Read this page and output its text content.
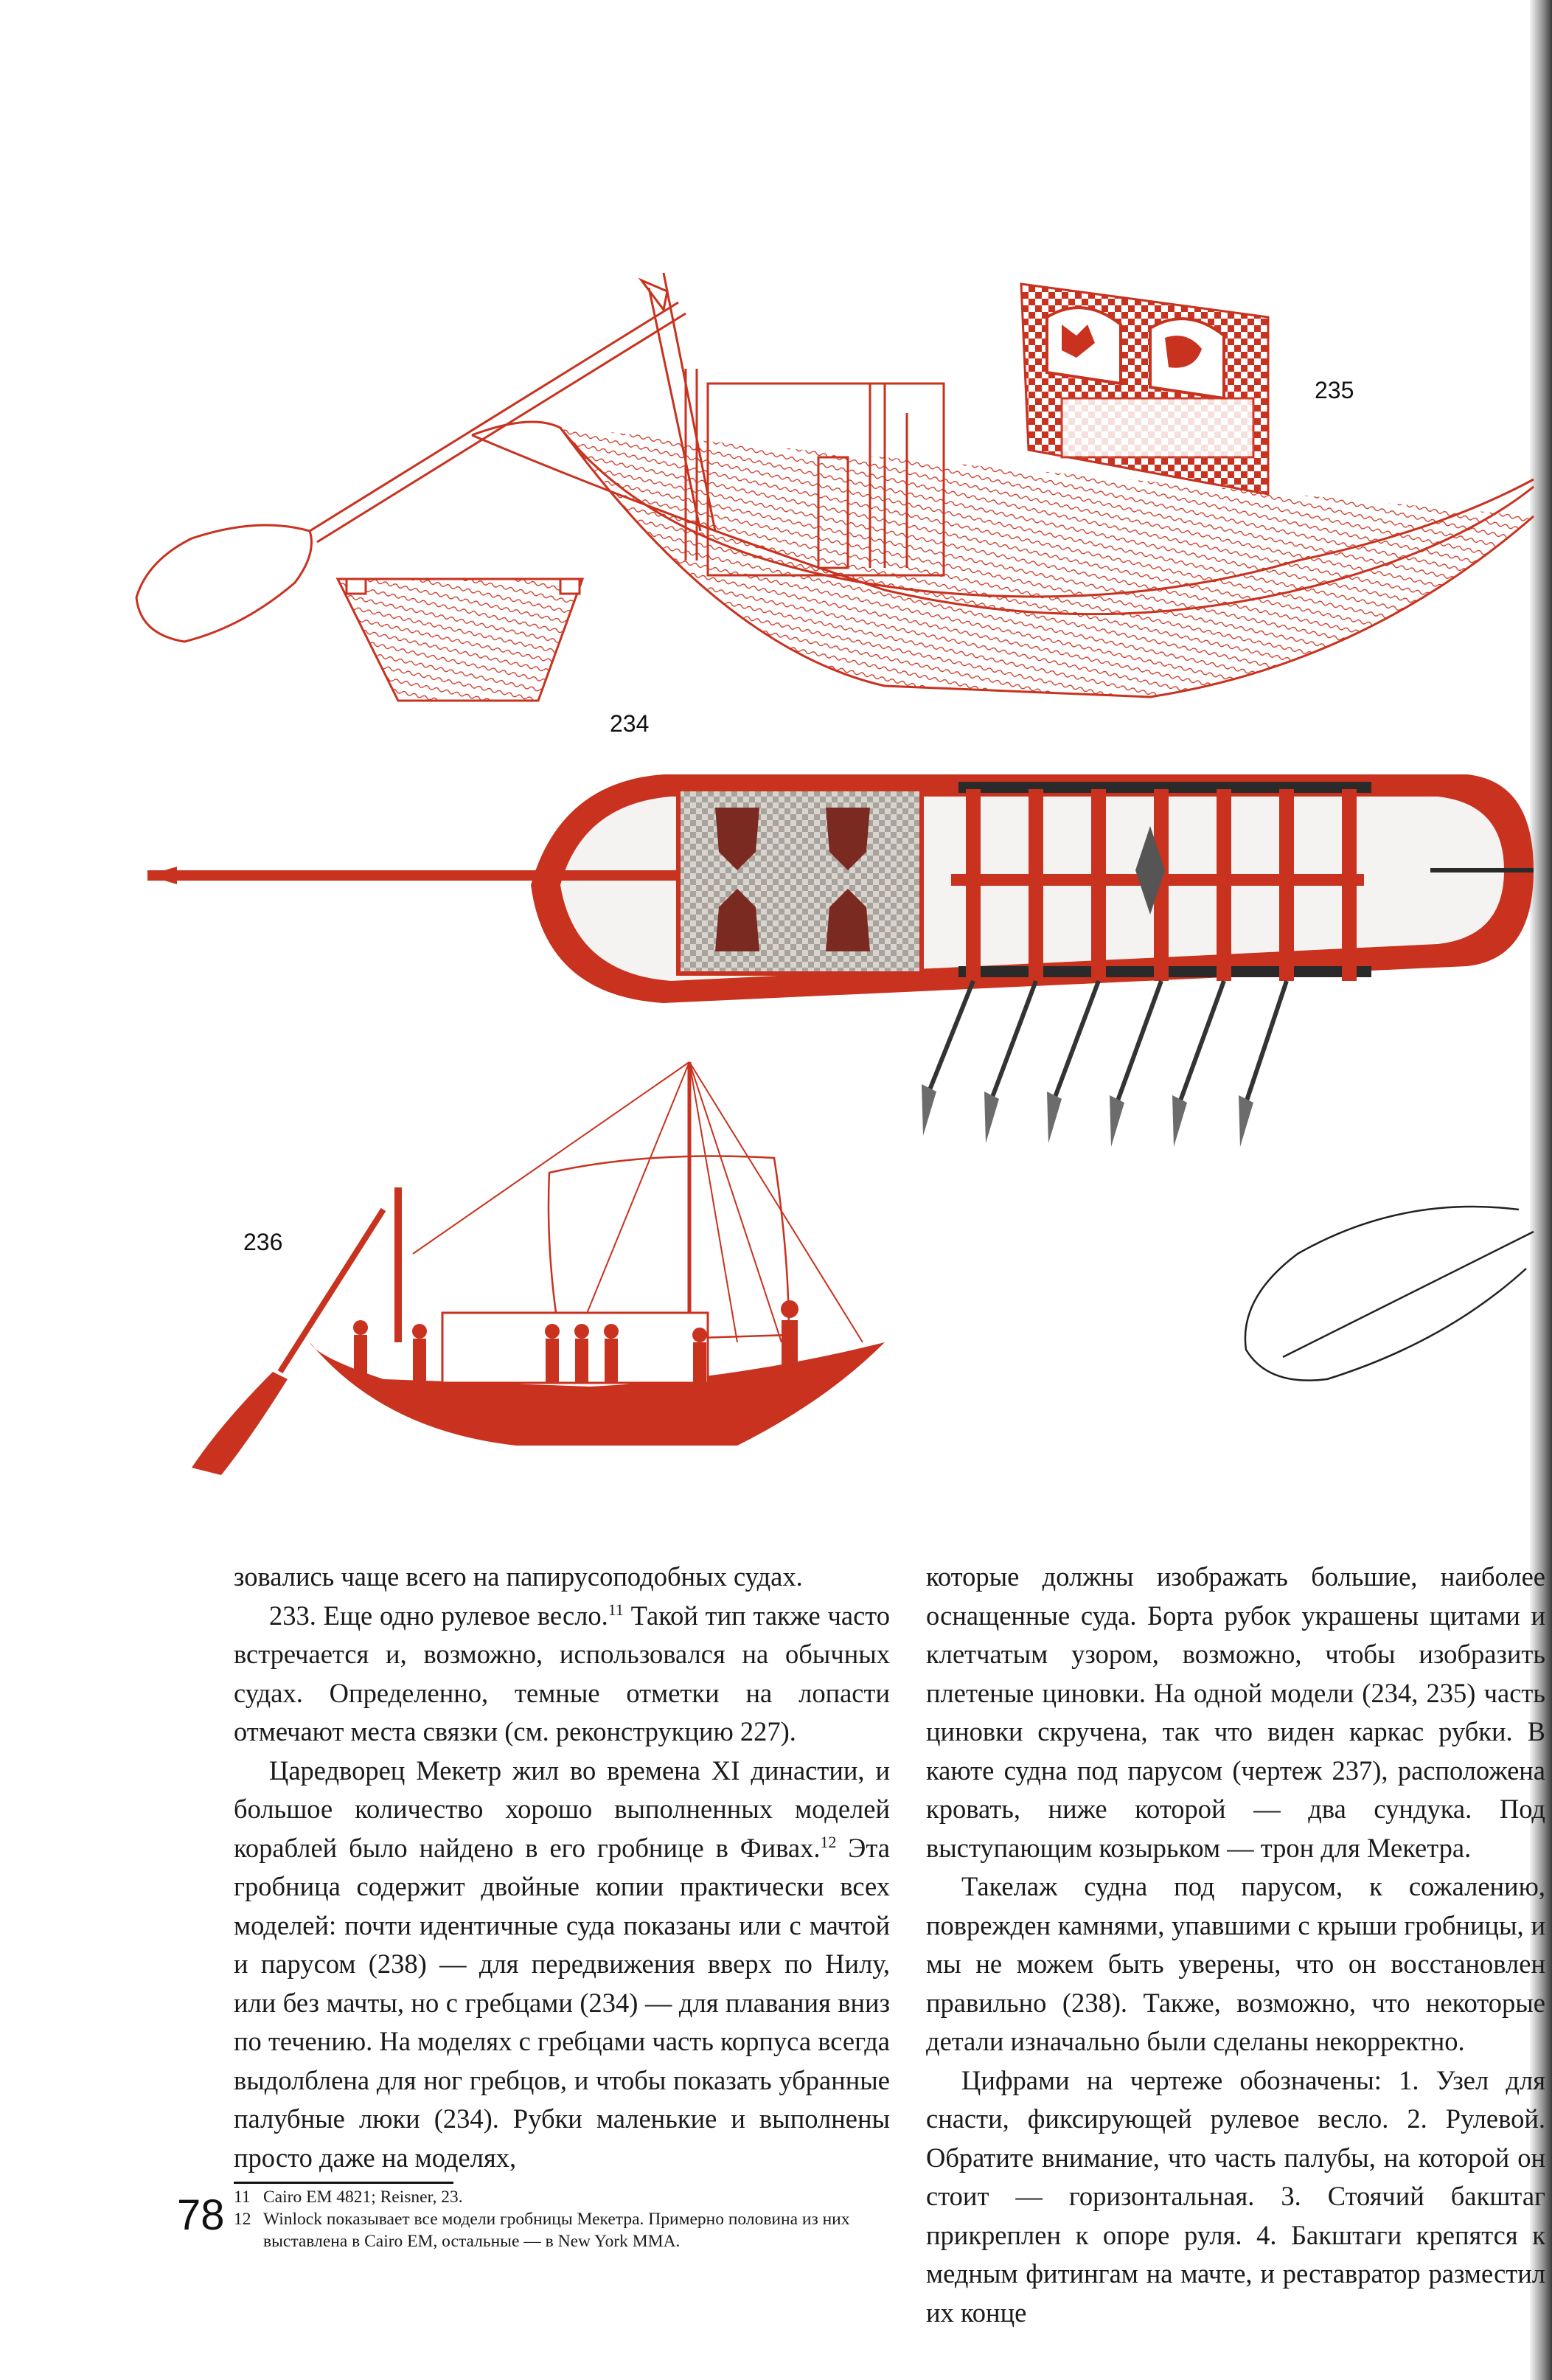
235
234
236

зовались чаще всего на папирусоподобных судах.

233. Еще одно рулевое весло.$^{11}$ Такой тип также часто встречается и, возможно, использовался на обычных судах. Определенно, темные отметки на лопасти отмечают места связки (см. реконструкцию 227).

Царедворец Мекетр жил во времена XI династии, и большое количество хорошо выполненных моделей кораблей было найдено в его гробнице в Фивах.$^{12}$ Эта гробница содержит двойные копии практически всех моделей: почти идентичные суда показаны или с мачтой и парусом (238) — для передвижения вверх по Нилу, или без мачты, но с гребцами (234) — для плавания вниз по течению. На моделях с гребцами часть корпуса всегда выдолблена для ног гребцов, и чтобы показать убранные палубные люки (234). Рубки маленькие и выполнены просто даже на моделях,

которые должны изображать большие, наиболее оснащенные суда. Борта рубок украшены щитами и клетчатым узором, возможно, чтобы изобразить плетеные циновки. На одной модели (234, 235) часть циновки скручена, так что виден каркас рубки. В каюте судна под парусом (чертеж 237), расположена кровать, ниже которой — два сундука. Под выступающим козырьком — трон для Мекетра.

Такелаж судна под парусом, к сожалению, поврежден камнями, упавшими с крыши гробницы, и мы не можем быть уверены, что он восстановлен правильно (238). Также, возможно, что некоторые детали изначально были сделаны некорректно.

Цифрами на чертеже обозначены: 1. Узел для снасти, фиксирующей рулевое весло. 2. Рулевой. Обратите внимание, что часть палубы, на которой он стоит — горизонтальная. 3. Стоячий бакштаг прикреплен к опоре руля. 4. Бакштаги крепятся к медным фитингам на мачте, и реставратор разместил их конце

78 11 Cairo EM 4821; Reisner, 23.
12 Winlock показывает все модели гробницы Мекетра. Примерно половина из них выставлена в Cairo EM, остальные — в New York MMA.
